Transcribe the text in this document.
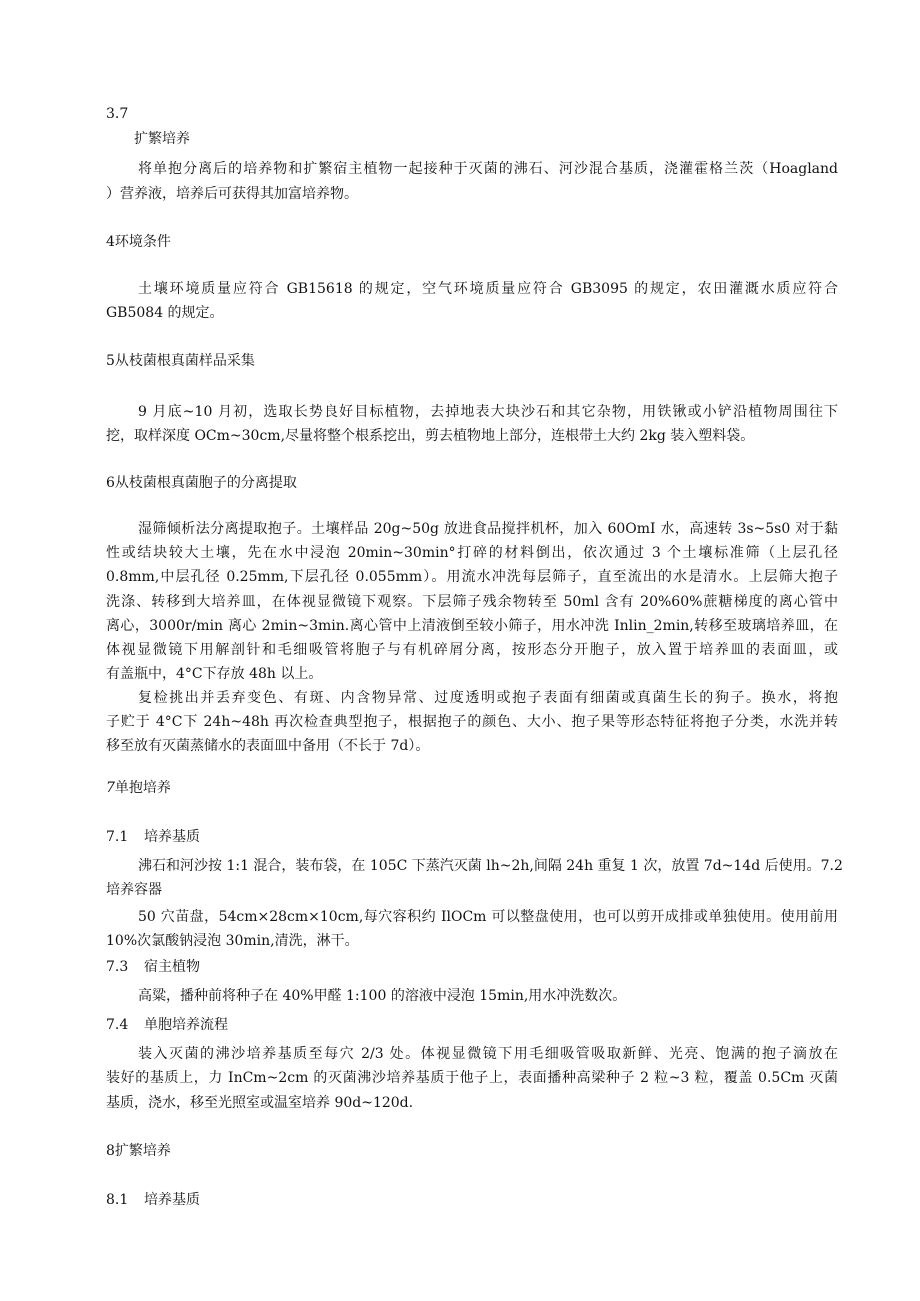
3.7
扩繁培养
将单抱分离后的培养物和扩繁宿主植物一起接种于灭菌的沸石、河沙混合基质，浇灌霍格兰茨（Hoagland
）营养液，培养后可获得其加富培养物。
4环境条件
土壤环境质量应符合 GB15618 的规定，空气环境质量应符合 GB3095 的规定，农田灌溉水质应符合
GB5084 的规定。
5从枝菌根真菌样品采集
9 月底~10 月初，选取长势良好目标植物，去掉地表大块沙石和其它杂物，用铁锹或小铲沿植物周围往下
挖，取样深度 OCm~30cm,尽量将整个根系挖出，剪去植物地上部分，连根带土大约 2kg 装入塑料袋。
6从枝菌根真菌胞子的分离提取
湿筛倾析法分离提取抱子。土壤样品 20g~50g 放进食品搅拌机杯，加入 60OmI 水，高速转 3s~5s0 对于黏
性或结块较大土壤，先在水中浸泡 20min~30min°打碎的材料倒出，依次通过 3 个土壤标准筛（上层孔径
0.8mm,中层孔径 0.25mm,下层孔径 0.055mm）。用流水冲洗每层筛子，直至流出的水是清水。上层筛大抱子
洗涤、转移到大培养皿，在体视显微镜下观察。下层筛子残余物转至 50ml 含有 20%60%蔗糖梯度的离心管中
离心，3000r/min 离心 2min~3min.离心管中上清液倒至较小筛子，用水冲洗 Inlin_2min,转移至玻璃培养皿，在
体视显微镜下用解剖针和毛细吸管将胞子与有机碎屑分离，按形态分开胞子，放入置于培养皿的表面皿，或
有盖瓶中，4°C下存放 48h 以上。
复检挑出并丢弃变色、有斑、内含物异常、过度透明或抱子表面有细菌或真菌生长的狗子。换水，将抱
子贮于 4°C下 24h~48h 再次检查典型抱子，根据抱子的颜色、大小、抱子果等形态特征将抱子分类，水洗并转
移至放有灭菌蒸储水的表面皿中备用（不长于 7d）。
7单抱培养
7.1 培养基质
沸石和河沙按 1:1 混合，装布袋，在 105C 下蒸汽灭菌 lh~2h,间隔 24h 重复 1 次，放置 7d~14d 后使用。7.2
培养容器
50 穴苗盘，54cm×28cm×10cm,每穴容积约 IlOCm 可以整盘使用，也可以剪开成排或单独使用。使用前用
10%次氯酸钠浸泡 30min,清洗，淋干。
7.3 宿主植物
高粱，播种前将种子在 40%甲醛 1:100 的溶液中浸泡 15min,用水冲洗数次。
7.4 单胞培养流程
装入灭菌的沸沙培养基质至每穴 2/3 处。体视显微镜下用毛细吸管吸取新鲜、光亮、饱满的抱子滴放在
装好的基质上，力 InCm~2cm 的灭菌沸沙培养基质于他子上，表面播种高梁种子 2 粒~3 粒，覆盖 0.5Cm 灭菌
基质，浇水，移至光照室或温室培养 90d~120d.
8扩繁培养
8.1 培养基质
